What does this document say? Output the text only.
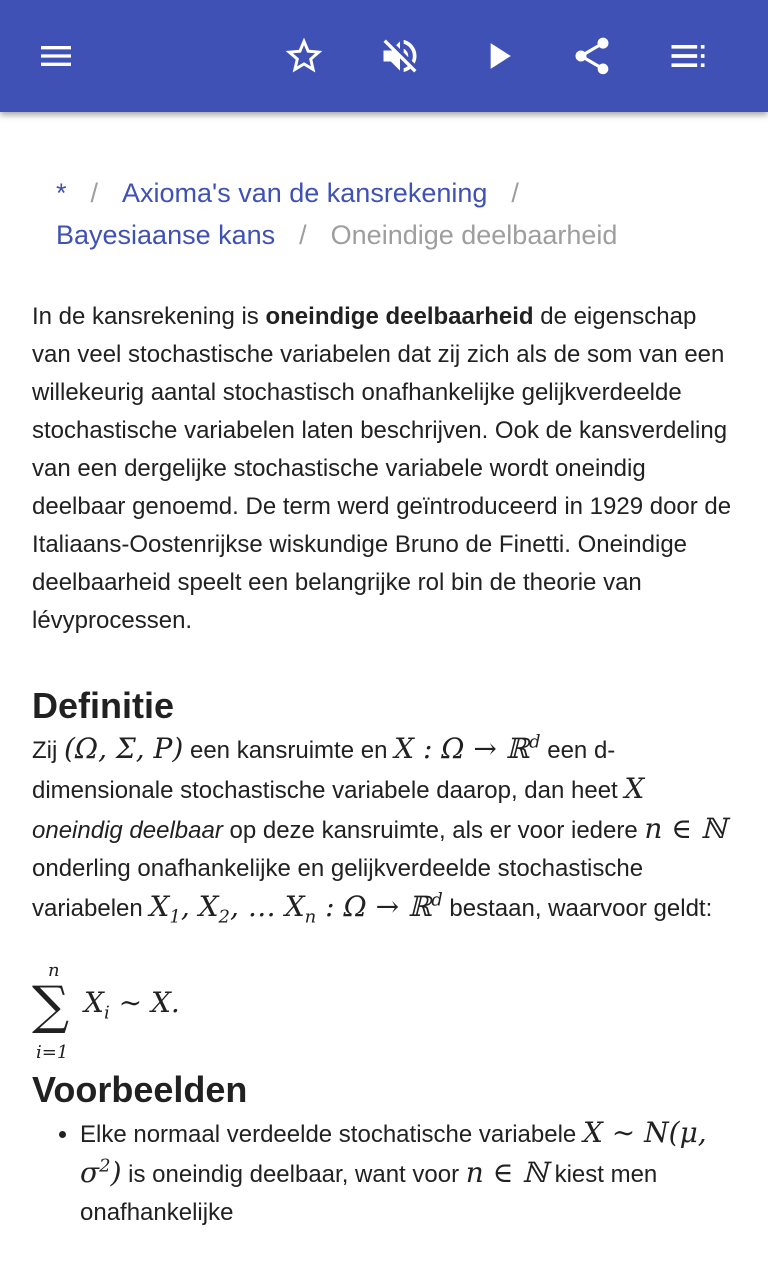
* / Axioma's van de kansrekening /
Bayesiaanse kans / Oneindige deelbaarheid

In de kansrekening is oneindige deelbaarheid de eigenschap van veel stochastische variabelen dat zij zich als de som van een willekeurig aantal stochastisch onafhankelijke gelijkverdeelde stochastische variabelen laten beschrijven. Ook de kansverdeling van een dergelijke stochastische variabele wordt oneindig deelbaar genoemd. De term werd geïntroduceerd in 1929 door de Italiaans-Oostenrijkse wiskundige Bruno de Finetti. Oneindige deelbaarheid speelt een belangrijke rol bin de theorie van lévyprocessen.

Definitie

Zij (Ω, Σ, P) een kansruimte en X : Ω → ℝ$^d$ een d-dimensionale stochastische variabele daarop, dan heet X
oneindig deelbaar op deze kansruimte, als er voor iedere n ∈ ℕ onderling onafhankelijke en gelijkverdeelde stochastische variabelen $X_1$, $X_2$, … $X_n$ : Ω → ℝ$^d$ bestaan, waarvoor geldt:

n
∑
i=1
$X_i$ ∼ X.
Voorbeelden
• Elke normaal verdeelde stochatische variabele X ∼ N(μ, $\sigma^2$) is oneindig deelbaar, want voor n ∈ ℕ kiest men onafhankelijke
